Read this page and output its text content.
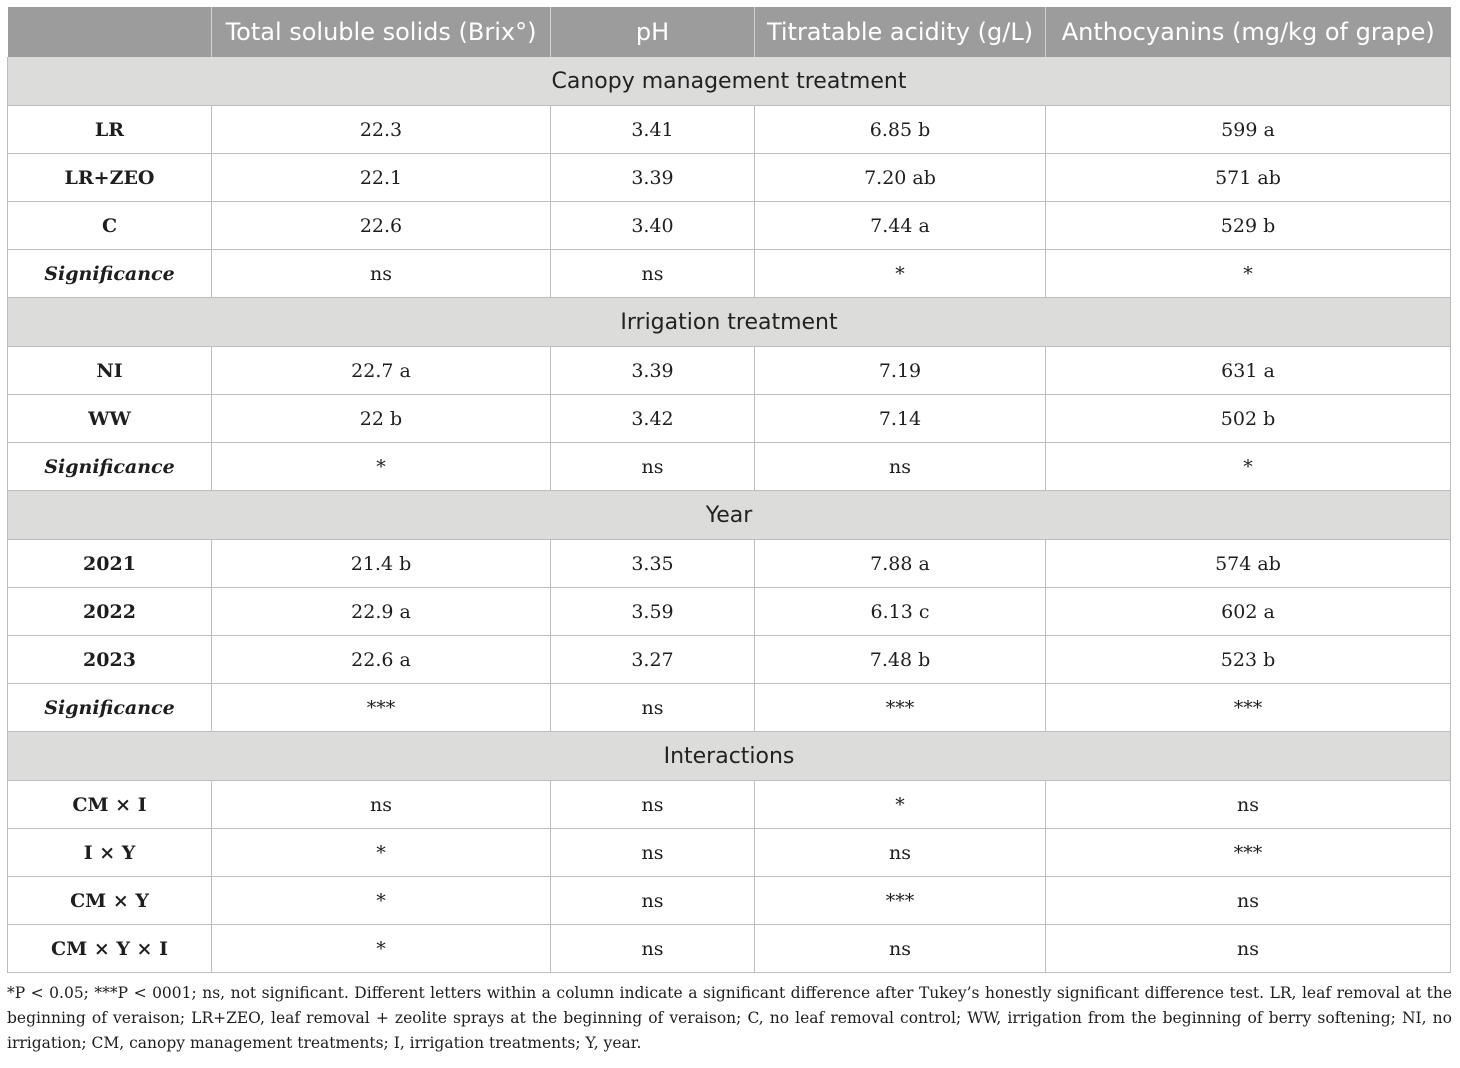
	Total soluble solids (Brix°)	pH	Titratable acidity (g/L)	Anthocyanins (mg/kg of grape)
Canopy management treatment				
LR	22.3	3.41	6.85 b	599 a
LR+ZEO	22.1	3.39	7.20 ab	571 ab
C	22.6	3.40	7.44 a	529 b
Significance	ns	ns	*	*
Irrigation treatment				
NI	22.7 a	3.39	7.19	631 a
WW	22 b	3.42	7.14	502 b
Significance	*	ns	ns	*
Year				
2021	21.4 b	3.35	7.88 a	574 ab
2022	22.9 a	3.59	6.13 c	602 a
2023	22.6 a	3.27	7.48 b	523 b
Significance	***	ns	***	***
Interactions				
CM × I	ns	ns	*	ns
I × Y	*	ns	ns	***
CM × Y	*	ns	***	ns
CM × Y × I	*	ns	ns	ns
*P < 0.05; ***P < 0001; ns, not significant. Different letters within a column indicate a significant difference after Tukey’s honestly significant difference test. LR, leaf removal at the beginning of veraison; LR+ZEO, leaf removal + zeolite sprays at the beginning of veraison; C, no leaf removal control; WW, irrigation from the beginning of berry softening; NI, no irrigation; CM, canopy management treatments; I, irrigation treatments; Y, year.
